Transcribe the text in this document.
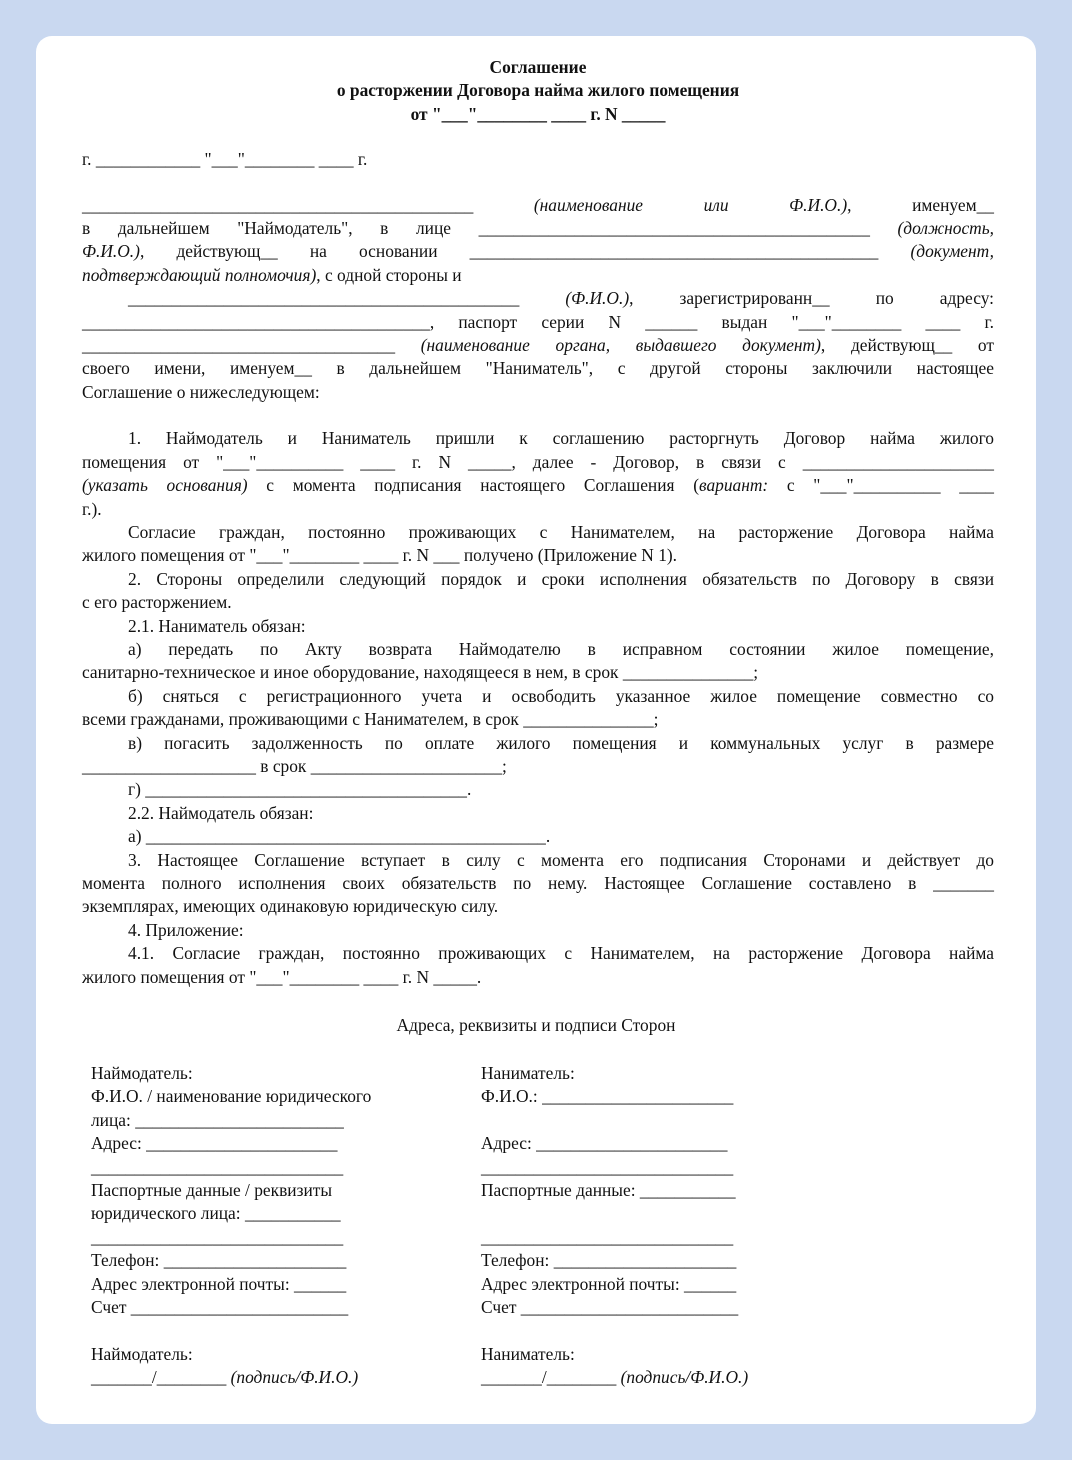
Соглашение

о расторжении Договора найма жилого помещения

от "___"________ ____ г. N _____

г. ____________ "___"________ ____ г.

_____________________________________________ (наименование или Ф.И.О.), именуем__

в дальнейшем "Наймодатель", в лице _____________________________________________ (должность,

Ф.И.О.), действующ__ на основании _______________________________________________ (документ,

подтверждающий полномочия), с одной стороны и

_____________________________________________ (Ф.И.О.), зарегистрированн__ по адресу:

________________________________________, паспорт серии N ______ выдан "___"________ ____ г.

____________________________________ (наименование органа, выдавшего документ), действующ__ от

своего имени, именуем__ в дальнейшем "Наниматель", с другой стороны заключили настоящее

Соглашение о нижеследующем:

1. Наймодатель и Наниматель пришли к соглашению расторгнуть Договор найма жилого

помещения от "___"__________ ____ г. N _____, далее - Договор, в связи с ______________________

(указать основания) с момента подписания настоящего Соглашения (вариант: с "___"__________ ____

г.).

Согласие граждан, постоянно проживающих с Нанимателем, на расторжение Договора найма

жилого помещения от "___"________ ____ г. N ___ получено (Приложение N 1).

2. Стороны определили следующий порядок и сроки исполнения обязательств по Договору в связи

с его расторжением.

2.1. Наниматель обязан:

а) передать по Акту возврата Наймодателю в исправном состоянии жилое помещение,

санитарно-техническое и иное оборудование, находящееся в нем, в срок _______________;

б) сняться с регистрационного учета и освободить указанное жилое помещение совместно со

всеми гражданами, проживающими с Нанимателем, в срок _______________;

в) погасить задолженность по оплате жилого помещения и коммунальных услуг в размере

____________________ в срок ______________________;

г) _____________________________________.

2.2. Наймодатель обязан:

а) ______________________________________________.

3. Настоящее Соглашение вступает в силу с момента его подписания Сторонами и действует до

момента полного исполнения своих обязательств по нему. Настоящее Соглашение составлено в _______

экземплярах, имеющих одинаковую юридическую силу.

4. Приложение:

4.1. Согласие граждан, постоянно проживающих с Нанимателем, на расторжение Договора найма

жилого помещения от "___"________ ____ г. N _____.

Адреса, реквизиты и подписи Сторон
Наймодатель:
Ф.И.О. / наименование юридического
лица: ________________________
Адрес: ______________________
_____________________________
Паспортные данные / реквизиты
юридического лица: ___________
_____________________________
Телефон: _____________________
Адрес электронной почты: ______
Счет _________________________
Наймодатель:
_______/________ (подпись/Ф.И.О.)
Наниматель:
Ф.И.О.: ______________________
Адрес: ______________________
_____________________________
Паспортные данные: ___________
_____________________________
Телефон: _____________________
Адрес электронной почты: ______
Счет _________________________
Наниматель:
_______/________ (подпись/Ф.И.О.)
